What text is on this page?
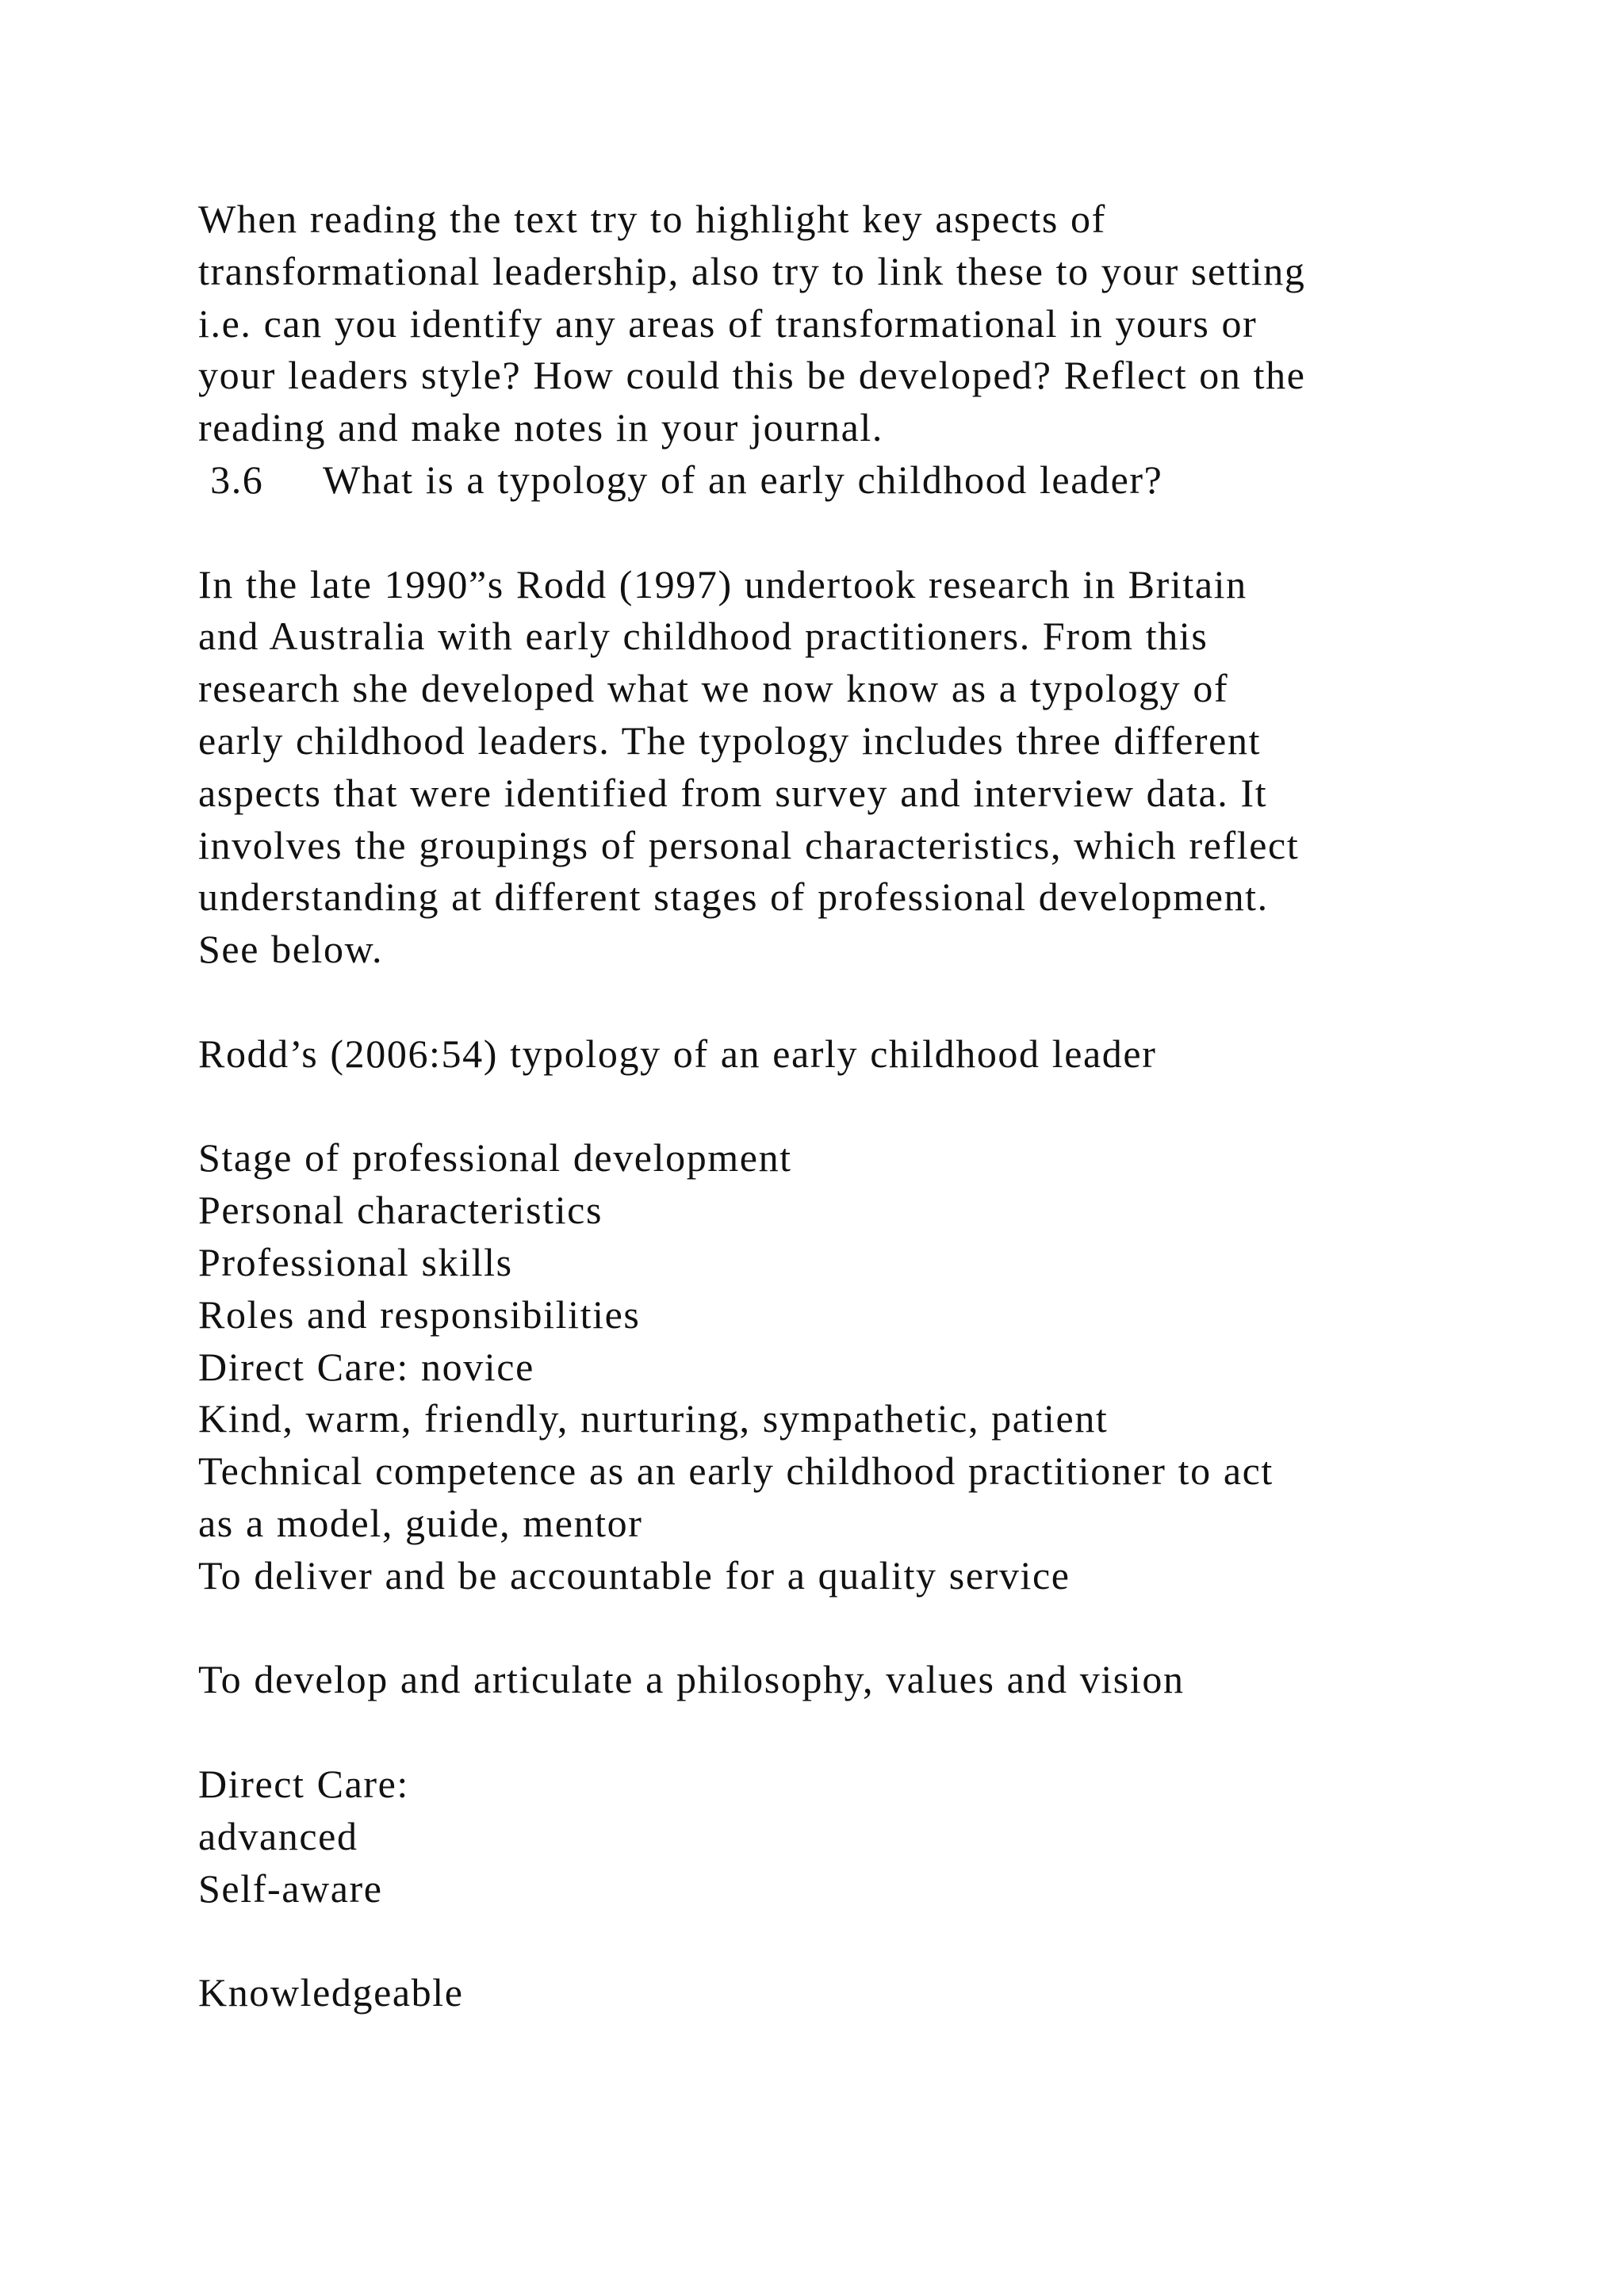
When reading the text try to highlight key aspects of
transformational leadership, also try to link these to your setting
i.e. can you identify any areas of transformational in yours or
your leaders style? How could this be developed? Reflect on the
reading and make notes in your journal.
3.6     What is a typology of an early childhood leader?
In the late 1990”s Rodd (1997) undertook research in Britain
and Australia with early childhood practitioners. From this
research she developed what we now know as a typology of
early childhood leaders. The typology includes three different
aspects that were identified from survey and interview data. It
involves the groupings of personal characteristics, which reflect
understanding at different stages of professional development.
See below.
Rodd’s (2006:54) typology of an early childhood leader
Stage of professional development
Personal characteristics
Professional skills
Roles and responsibilities
Direct Care: novice
Kind, warm, friendly, nurturing, sympathetic, patient
Technical competence as an early childhood practitioner to act
as a model, guide, mentor
To deliver and be accountable for a quality service
To develop and articulate a philosophy, values and vision
Direct Care:
advanced
Self-aware
Knowledgeable
